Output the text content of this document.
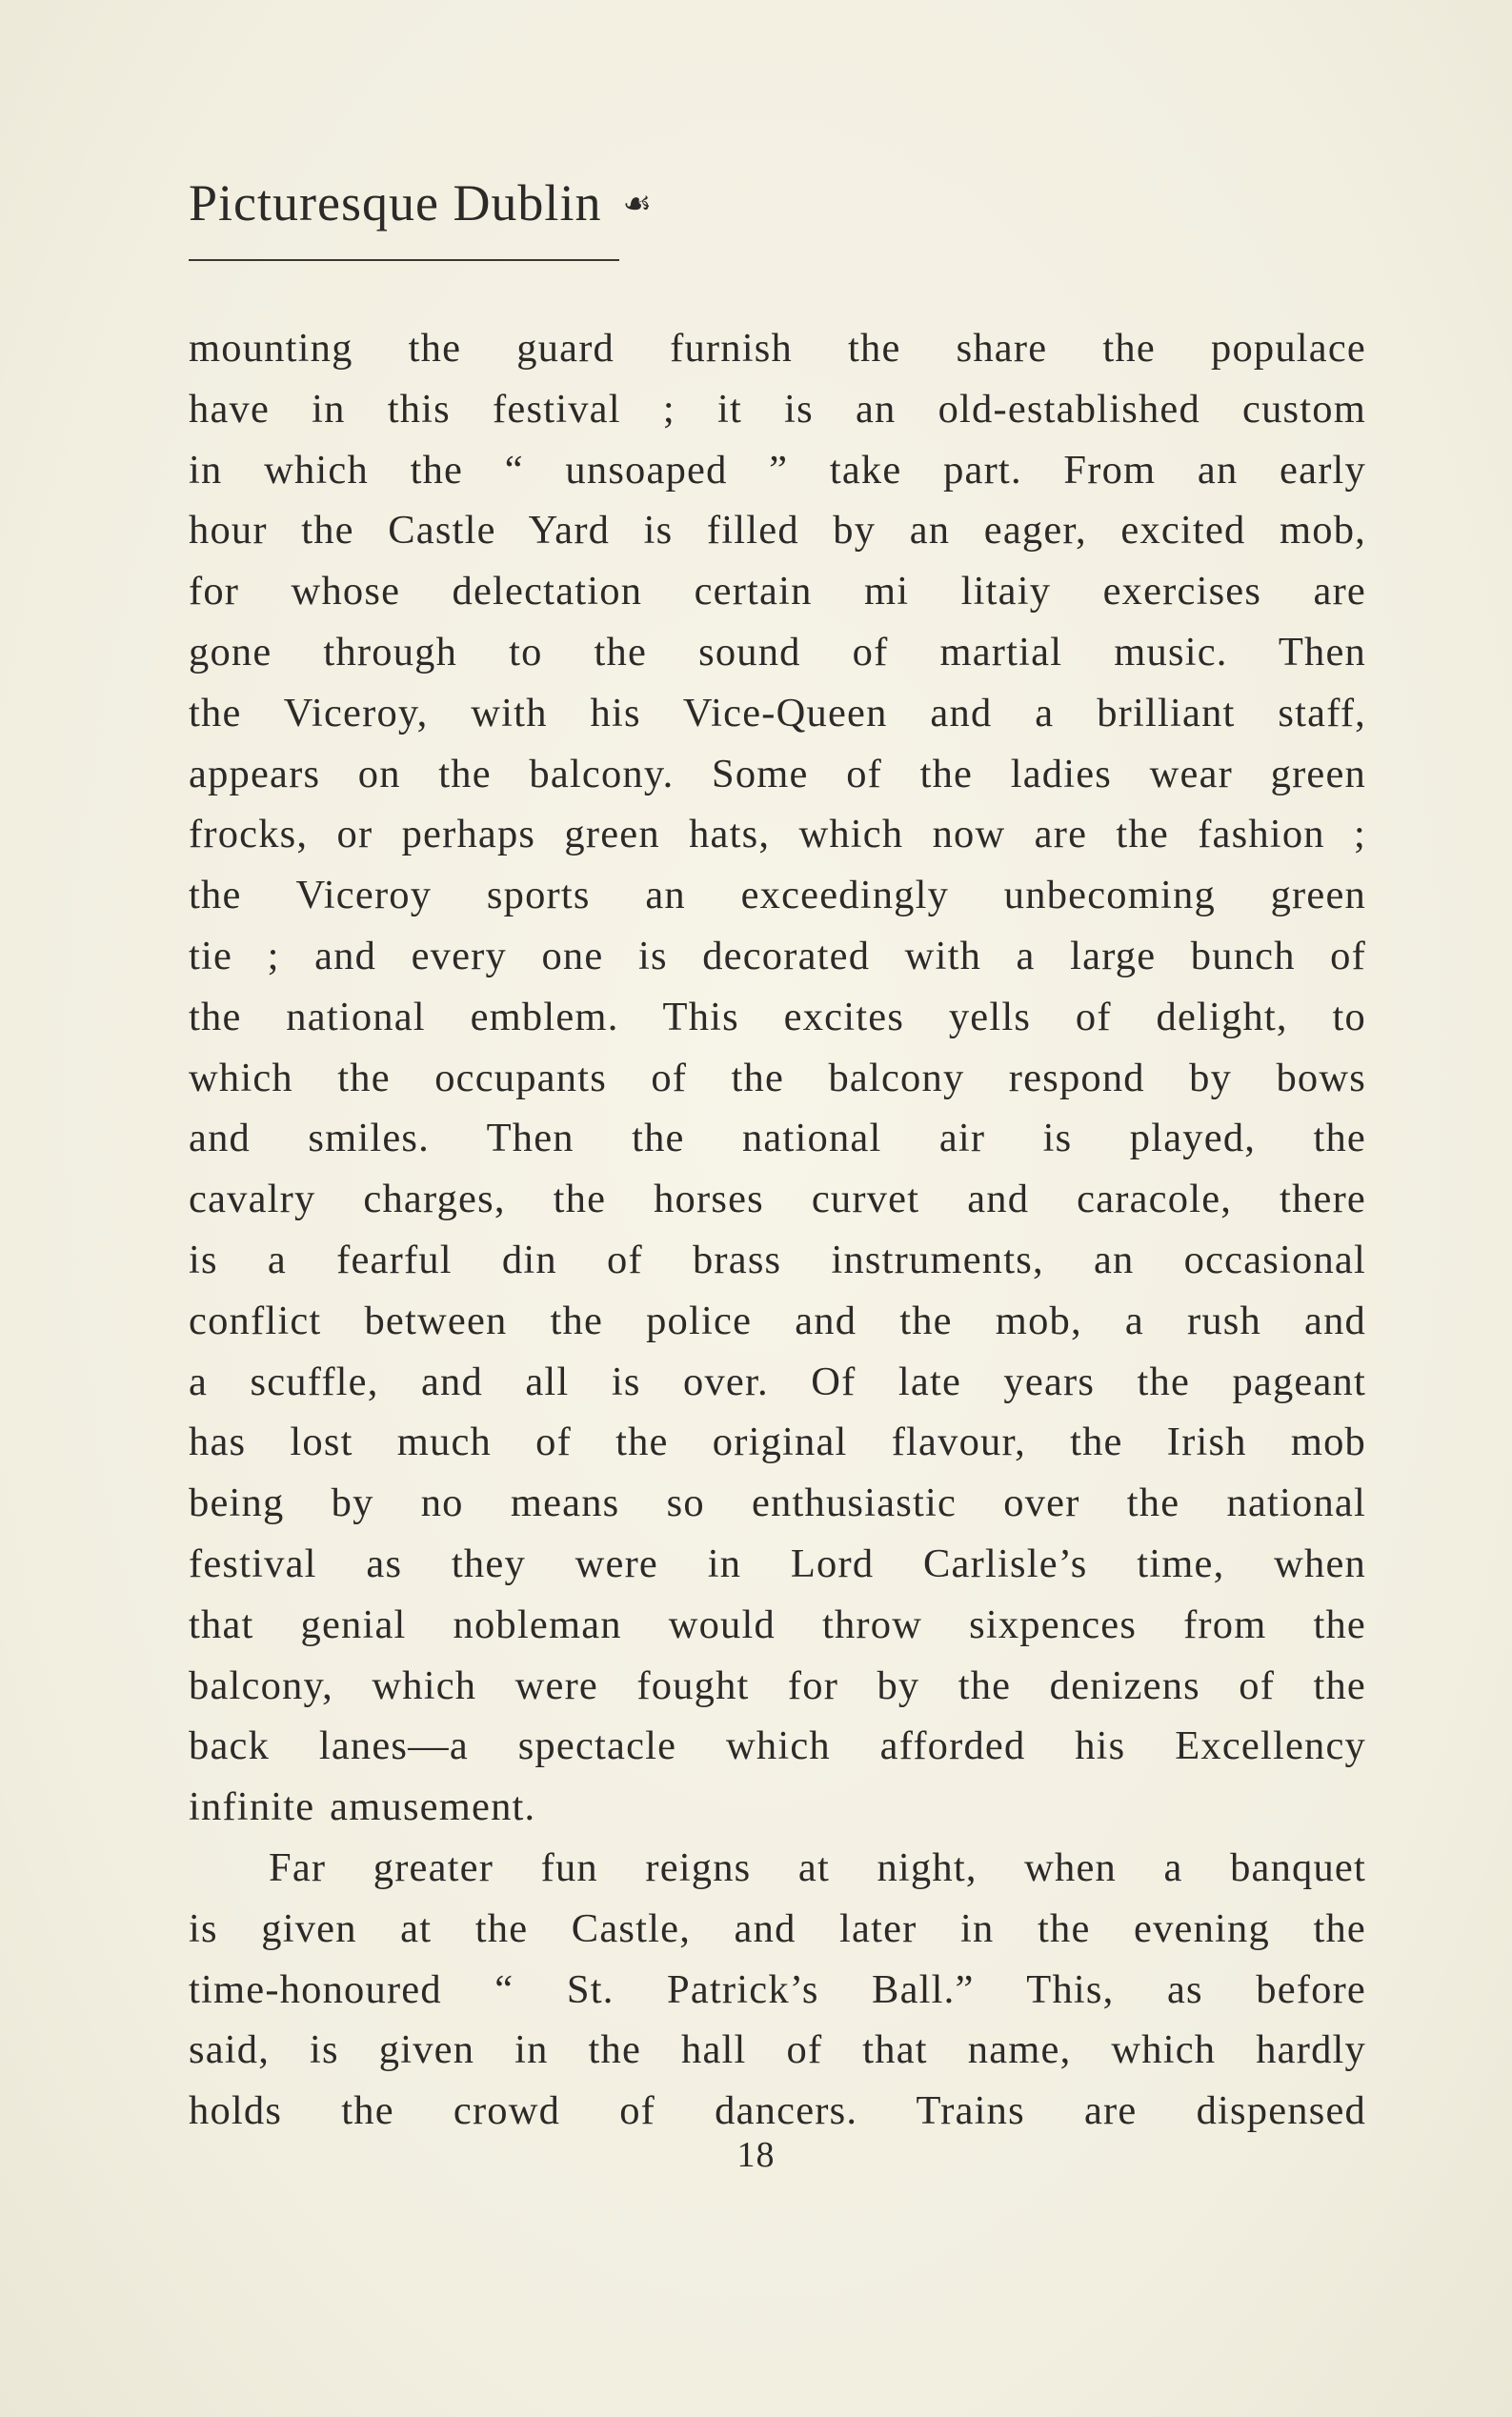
Picturesque Dublin ☙
mounting the guard furnish the share the populace
have in this festival ; it is an old-established custom
in which the “ unsoaped ” take part. From an early
hour the Castle Yard is filled by an eager, excited mob,
for whose delectation certain mi litaiy exercises are
gone through to the sound of martial music. Then
the Viceroy, with his Vice-Queen and a brilliant staff,
appears on the balcony. Some of the ladies wear green
frocks, or perhaps green hats, which now are the fashion ;
the Viceroy sports an exceedingly unbecoming green
tie ; and every one is decorated with a large bunch of
the national emblem. This excites yells of delight, to
which the occupants of the balcony respond by bows
and smiles. Then the national air is played, the
cavalry charges, the horses curvet and caracole, there
is a fearful din of brass instruments, an occasional
conflict between the police and the mob, a rush and
a scuffle, and all is over. Of late years the pageant
has lost much of the original flavour, the Irish mob
being by no means so enthusiastic over the national
festival as they were in Lord Carlisle’s time, when
that genial nobleman would throw sixpences from the
balcony, which were fought for by the denizens of the
back lanes—a spectacle which afforded his Excellency
infinite amusement.
Far greater fun reigns at night, when a banquet
is given at the Castle, and later in the evening the
time-honoured “ St. Patrick’s Ball.” This, as before
said, is given in the hall of that name, which hardly
holds the crowd of dancers. Trains are dispensed
18
